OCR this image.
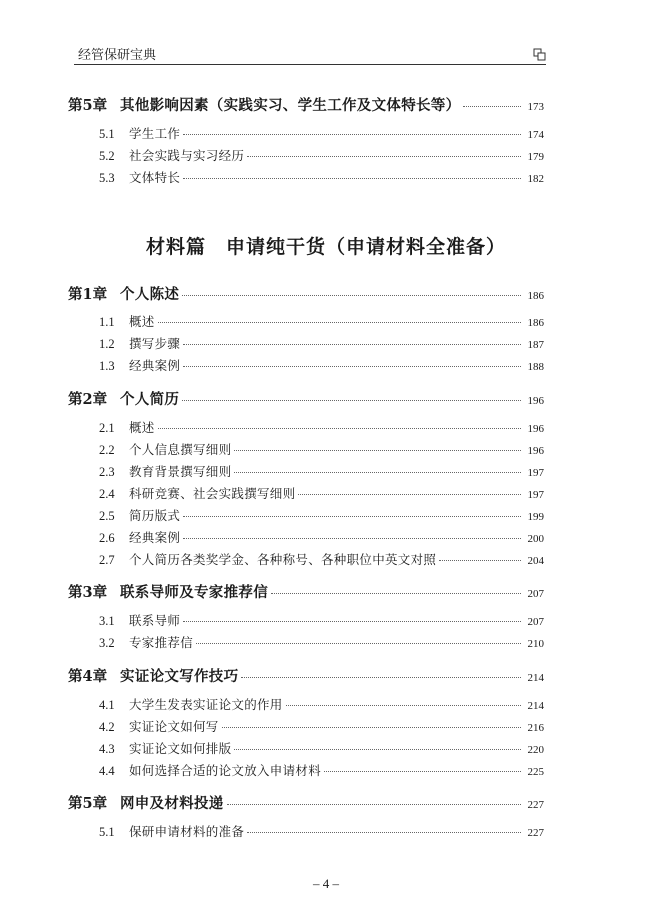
经管保研宝典
第5章 其他影响因素（实践实习、学生工作及文体特长等）	173
5.1	学生工作	174
5.2	社会实践与实习经历	179
5.3	文体特长	182
材料篇　申请纯干货（申请材料全准备）
第1章 个人陈述	186
1.1	概述	186
1.2	撰写步骤	187
1.3	经典案例	188
第2章 个人简历	196
2.1	概述	196
2.2	个人信息撰写细则	196
2.3	教育背景撰写细则	197
2.4	科研竞赛、社会实践撰写细则	197
2.5	简历版式	199
2.6	经典案例	200
2.7	个人简历各类奖学金、各种称号、各种职位中英文对照	204
第3章 联系导师及专家推荐信	207
3.1	联系导师	207
3.2	专家推荐信	210
第4章 实证论文写作技巧	214
4.1	大学生发表实证论文的作用	214
4.2	实证论文如何写	216
4.3	实证论文如何排版	220
4.4	如何选择合适的论文放入申请材料	225
第5章 网申及材料投递	227
5.1	保研申请材料的准备	227
– 4 –
